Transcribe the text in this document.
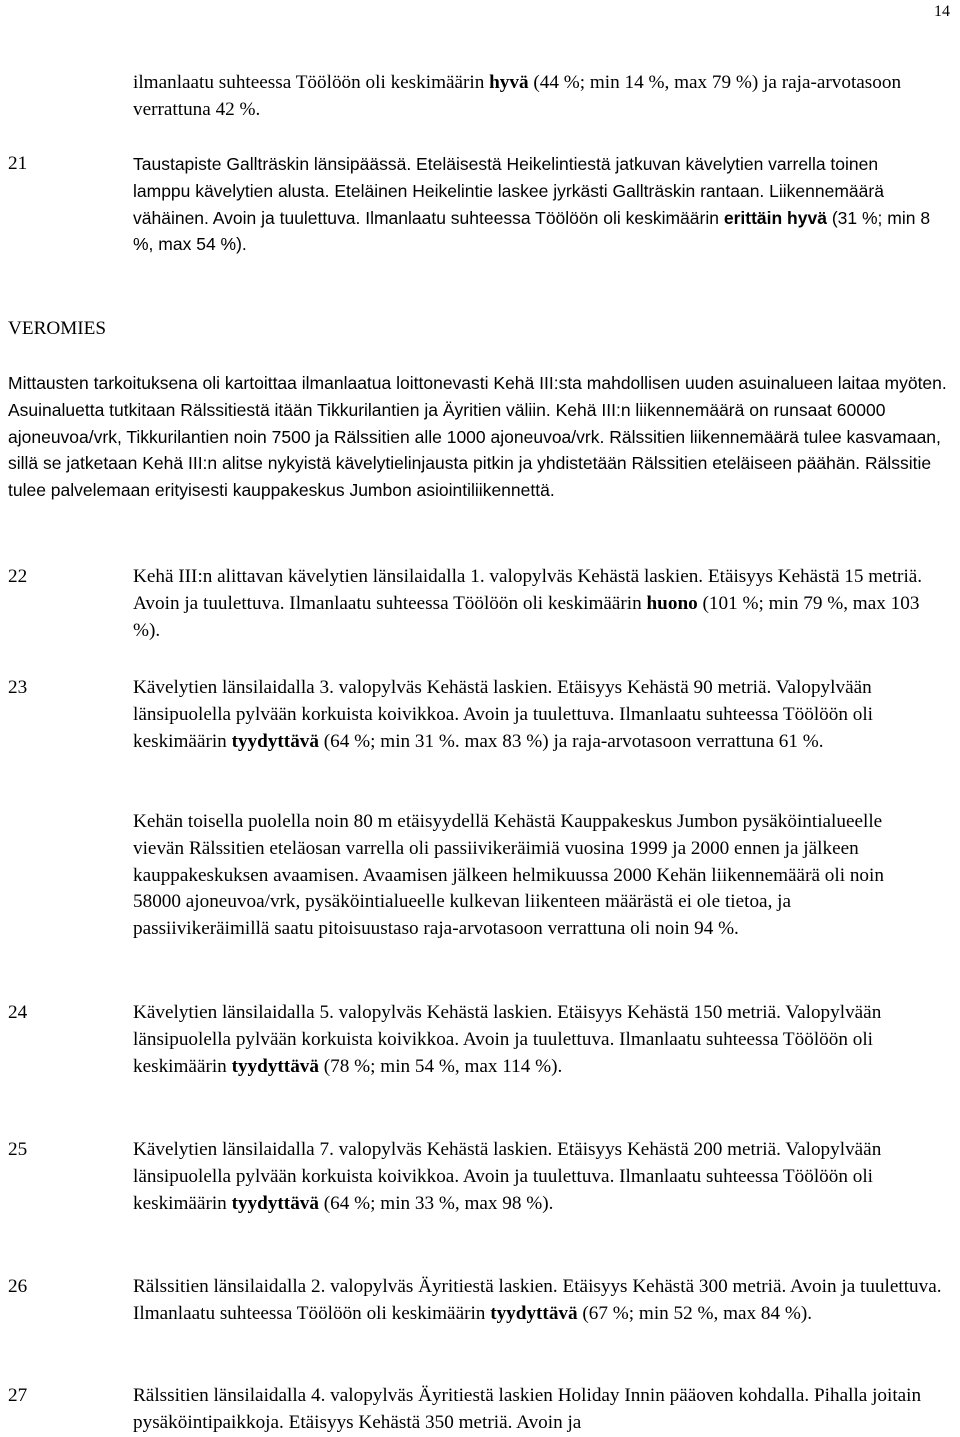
14
ilmanlaatu suhteessa Töölöön oli keskimäärin hyvä (44 %; min 14 %, max 79 %) ja raja-arvotasoon verrattuna 42 %.
21	Taustapiste Gallträskin länsipäässä. Eteläisestä Heikelintiestä jatkuvan kävelytien varrella toinen lamppu kävelytien alusta. Eteläinen Heikelintie laskee jyrkästi Gallträskin rantaan. Liikennemäärä vähäinen. Avoin ja tuulettuva. Ilmanlaatu suhteessa Töölöön oli keskimäärin erittäin hyvä (31 %; min 8 %, max 54 %).
VEROMIES
Mittausten tarkoituksena oli kartoittaa ilmanlaatua loittonevasti Kehä III:sta mahdollisen uuden asuinalueen laitaa myöten. Asuinaluetta tutkitaan Rälssitiestä itään Tikkurilantien ja Äyritien väliin. Kehä III:n liikennemäärä on runsaat 60000 ajoneuvoa/vrk, Tikkurilantien noin 7500 ja Rälssitien alle 1000 ajoneuvoa/vrk. Rälssitien liikennemäärä tulee kasvamaan, sillä se jatketaan Kehä III:n alitse nykyistä kävelytielinjausta pitkin ja yhdistetään Rälssitien eteläiseen päähän. Rälssitie tulee palvelemaan erityisesti kauppakeskus Jumbon asiointiliikennettä.
22	Kehä III:n alittavan kävelytien länsilaidalla 1. valopylväs Kehästä laskien. Etäisyys Kehästä 15 metriä. Avoin ja tuulettuva. Ilmanlaatu suhteessa Töölöön oli keskimäärin huono (101 %; min 79 %, max 103 %).
23	Kävelytien länsilaidalla 3. valopylväs Kehästä laskien. Etäisyys Kehästä 90 metriä. Valopylvään länsipuolella pylvään korkuista koivikkoa. Avoin ja tuulettuva. Ilmanlaatu suhteessa Töölöön oli keskimäärin tyydyttävä (64 %; min 31 %. max 83 %) ja raja-arvotasoon verrattuna 61 %.
Kehän toisella puolella noin 80 m etäisyydellä Kehästä Kauppakeskus Jumbon pysäköintialueelle vievän Rälssitien eteläosan varrella oli passiivikeräimiä vuosina 1999 ja 2000 ennen ja jälkeen kauppakeskuksen avaamisen. Avaamisen jälkeen helmikuussa 2000 Kehän liikennemäärä oli noin 58000 ajoneuvoa/vrk, pysäköintialueelle kulkevan liikenteen määrästä ei ole tietoa, ja passiivikeräimillä saatu pitoisuustaso raja-arvotasoon verrattuna oli noin 94 %.
24	Kävelytien länsilaidalla 5. valopylväs Kehästä laskien. Etäisyys Kehästä 150 metriä. Valopylvään länsipuolella pylvään korkuista koivikkoa. Avoin ja tuulettuva. Ilmanlaatu suhteessa Töölöön oli keskimäärin tyydyttävä (78 %; min 54 %, max 114 %).
25	Kävelytien länsilaidalla 7. valopylväs Kehästä laskien. Etäisyys Kehästä 200 metriä. Valopylvään länsipuolella pylvään korkuista koivikkoa. Avoin ja tuulettuva. Ilmanlaatu suhteessa Töölöön oli keskimäärin tyydyttävä (64 %; min 33 %, max 98 %).
26	Rälssitien länsilaidalla 2. valopylväs Äyritiestä laskien. Etäisyys Kehästä 300 metriä. Avoin ja tuulettuva. Ilmanlaatu suhteessa Töölöön oli keskimäärin tyydyttävä (67 %; min 52 %, max 84 %).
27	Rälssitien länsilaidalla 4. valopylväs Äyritiestä laskien Holiday Innin pääoven kohdalla. Pihalla joitain pysäköintipaikkoja. Etäisyys Kehästä 350 metriä. Avoin ja
